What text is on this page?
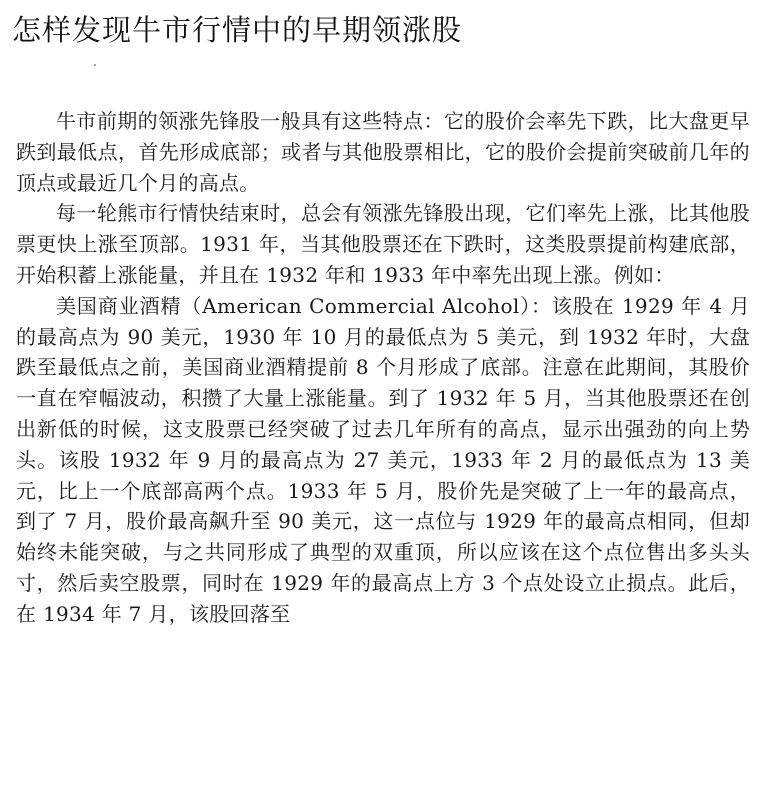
怎样发现牛市行情中的早期领涨股

牛市前期的领涨先锋股一般具有这些特点：它的股价会率先下跌，比大盘更早跌到最低点，首先形成底部；或者与其他股票相比，它的股价会提前突破前几年的顶点或最近几个月的高点。

每一轮熊市行情快结束时，总会有领涨先锋股出现，它们率先上涨，比其他股票更快上涨至顶部。1931 年，当其他股票还在下跌时，这类股票提前构建底部，开始积蓄上涨能量，并且在 1932 年和 1933 年中率先出现上涨。例如：

美国商业酒精（American Commercial Alcohol）：该股在 1929 年 4 月的最高点为 90 美元，1930 年 10 月的最低点为 5 美元，到 1932 年时，大盘跌至最低点之前，美国商业酒精提前 8 个月形成了底部。注意在此期间，其股价一直在窄幅波动，积攒了大量上涨能量。到了 1932 年 5 月，当其他股票还在创出新低的时候，这支股票已经突破了过去几年所有的高点，显示出强劲的向上势头。该股 1932 年 9 月的最高点为 27 美元，1933 年 2 月的最低点为 13 美元，比上一个底部高两个点。1933 年 5 月，股价先是突破了上一年的最高点，到了 7 月，股价最高飙升至 90 美元，这一点位与 1929 年的最高点相同，但却始终未能突破，与之共同形成了典型的双重顶，所以应该在这个点位售出多头头寸，然后卖空股票，同时在 1929 年的最高点上方 3 个点处设立止损点。此后，在 1934 年 7 月，该股回落至
